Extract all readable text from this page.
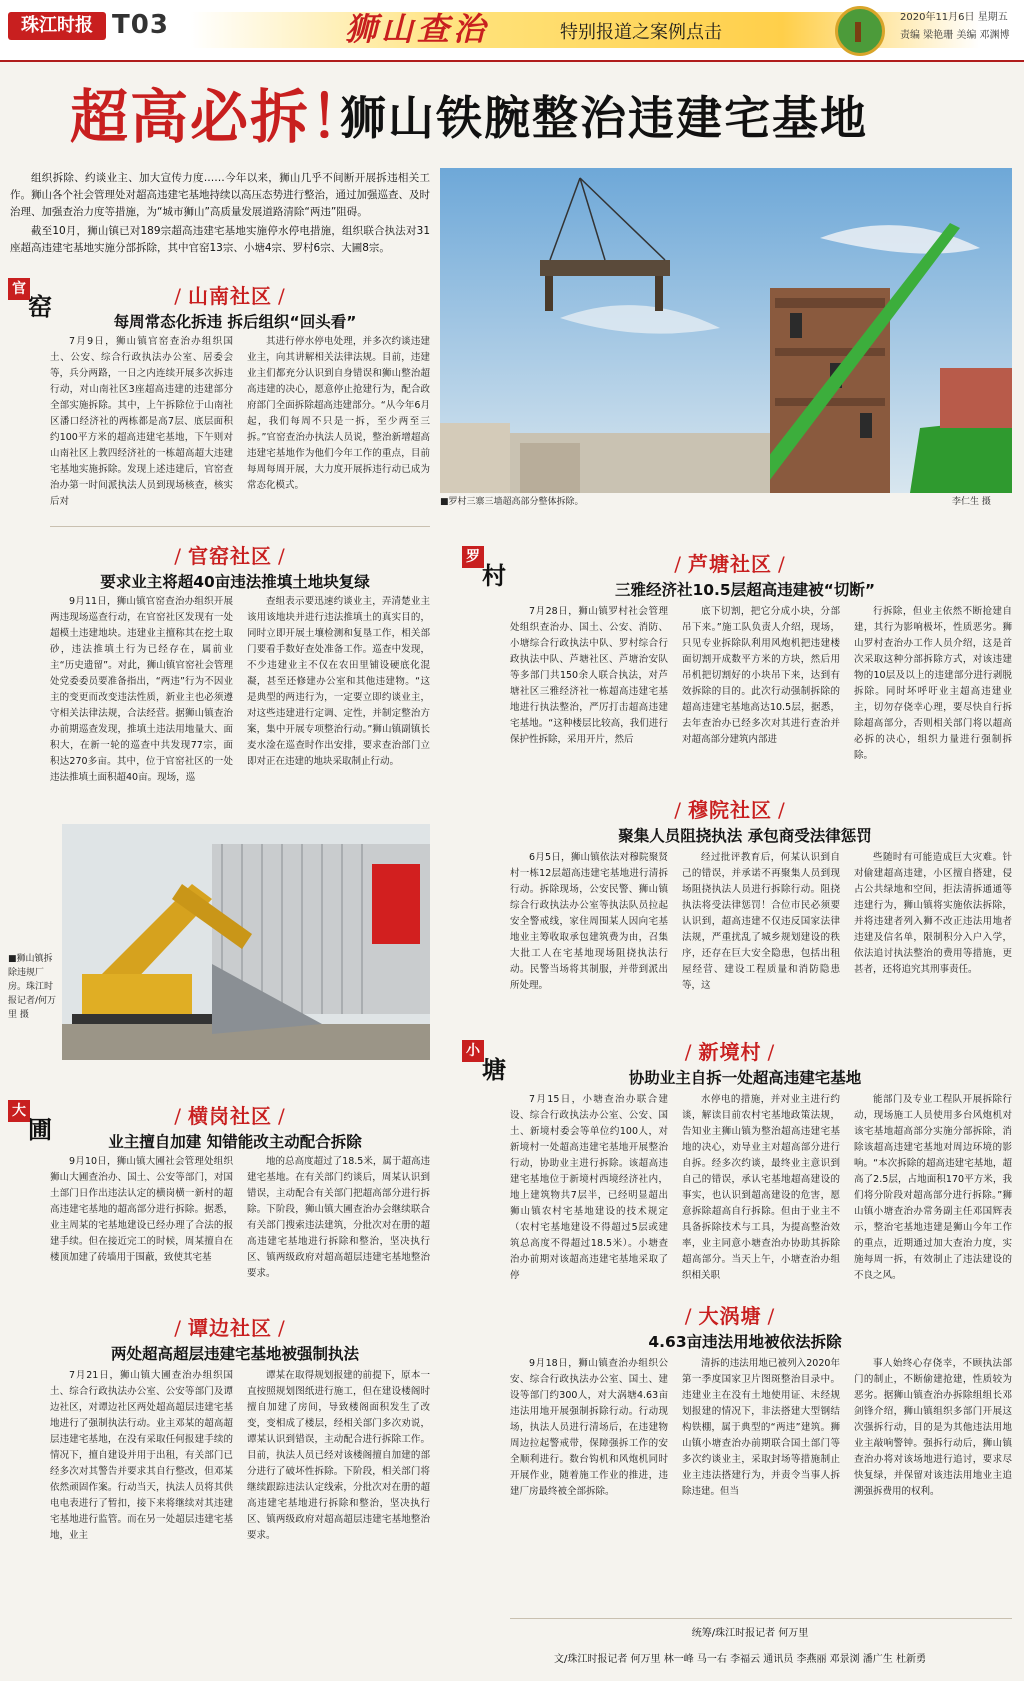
珠江时报 T03	狮山查治	特别报道之案例点击
2020年11月6日 星期五
责编 梁艳珊 美编 邓渊博
超高必拆！
狮山铁腕整治违建宅基地

组织拆除、约谈业主、加大宣传力度……今年以来，狮山几乎不间断开展拆违相关工作。狮山各个社会管理处对超高违建宅基地持续以高压态势进行整治，通过加强巡查、及时治理、加强查治力度等措施，为“城市狮山”高质量发展道路清除“两违”阻碍。

截至10月，狮山镇已对189宗超高违建宅基地实施停水停电措施，组织联合执法对31座超高违建宅基地实施分部拆除，其中官窑13宗、小塘4宗、罗村6宗、大圃8宗。

■罗村三寨三墙超高部分整体拆除。	李仁生 摄
官
窑	/ 山南社区 /
每周常态化拆违 拆后组织“回头看”

7月9日，狮山镇官窑查治办组织国土、公安、综合行政执法办公室、居委会等，兵分两路，一日之内连续开展多次拆违行动，对山南社区3座超高违建的违建部分全部实施拆除。其中，上午拆除位于山南社区潘口经济社的两栋都是高7层、底层面积约100平方米的超高违建宅基地，下午则对山南社区上教四经济社的一栋超高超大违建宅基地实施拆除。发现上述违建后，官窑查治办第一时间派执法人员到现场核查，核实后对

其进行停水停电处理，并多次约谈违建业主，向其讲解相关法律法规。目前，违建业主们都充分认识到自身错误和狮山整治超高违建的决心，愿意停止抢建行为，配合政府部门全面拆除超高违建部分。“从今年6月起，我们每周不只是一拆，至少两至三拆。”官窑查治办执法人员说，整治新增超高违建宅基地作为他们今年工作的重点，目前每周每周开展，大力度开展拆违行动已成为常态化模式。

/ 官窑社区 /
要求业主将超40亩违法推填土地块复绿

9月11日，狮山镇官窑查治办组织开展两违现场巡查行动，在官窑社区发现有一处超模土违建地块。违建业主擅称其在挖土取砂，违法推填土行为已经存在，属前业主“历史遗留”。对此，狮山镇官窑社会管理处党委委员要准备指出，“两违”行为不因业主的变更而改变违法性质，新业主也必须遵守相关法律法规，合法经营。据狮山镇查治办前期巡查发现，推填土违法用地量大、面积大，在新一轮的巡查中共发现77宗，面积达270多亩。其中，位于官窑社区的一处违法推填土面积超40亩。现场，巡

查组表示要迅速约谈业主，弄清楚业主该用该地块并进行违法推填土的真实目的，同时立即开展土壤检测和复垦工作，相关部门要看手数好查处准备工作。巡查中发现，不少违建业主不仅在农田里铺设硬底化混凝，甚至还修建办公室和其他违建物。“这是典型的两违行为，一定要立即约谈业主，对这些违建进行定调、定性，并制定整治方案，集中开展专项整治行动。”狮山镇副镇长麦水淦在巡查时作出安排，要求查治部门立即对正在违建的地块采取制止行动。

■狮山镇拆除违规厂房。珠江时报记者/何万里 摄
大
圃	/ 横岗社区 /
业主擅自加建 知错能改主动配合拆除

9月10日，狮山镇大圃社会管理处组织狮山大圃查治办、国土、公安等部门，对国土部门日作出违法认定的横岗横一新村的超高违建宅基地的超高部分进行拆除。据悉，业主周某的宅基地建设已经办理了合法的报建手续。但在接近完工的时候，周某擅自在楼顶加建了砖墙用于围蔽，致使其宅基

地的总高度超过了18.5米，属于超高违建宅基地。在有关部门约谈后，周某认识到错误，主动配合有关部门把超高部分进行拆除。下阶段，狮山镇大圃查治办会继续联合有关部门搜索违法建筑，分批次对在册的超高违建宅基地进行拆除和整治，坚决执行区、镇两级政府对超高超层违建宅基地整治要求。

/ 谭边社区 /
两处超高超层违建宅基地被强制执法

7月21日，狮山镇大圃查治办组织国土、综合行政执法办公室、公安等部门及谭边社区，对谭边社区两处超高超层违建宅基地进行了强制执法行动。业主邓某的超高超层违建宅基地，在没有采取任何报建手续的情况下，擅自建设并用于出租，有关部门已经多次对其警告并要求其自行整改，但邓某依然顽固作案。行动当天，执法人员将其供电电表进行了暂扣，接下来将继续对其违建宅基地进行监管。而在另一处超层违建宅基地，业主

谭某在取得规划报建的前提下，原本一直按照规划图纸进行施工，但在建设楼阁时擅自加建了房间，导致楼阁面积发生了改变，变相成了楼层，经相关部门多次劝说，谭某认识到错误，主动配合进行拆除工作。目前，执法人员已经对该楼阁擅自加建的部分进行了破坏性拆除。下阶段，相关部门将继续跟踪违法认定线索，分批次对在册的超高违建宅基地进行拆除和整治，坚决执行区、镇两级政府对超高超层违建宅基地整治要求。

罗
村	/ 芦塘社区 /
三雅经济社10.5层超高违建被“切断”

7月28日，狮山镇罗村社会管理处组织查治办、国土、公安、消防、小塘综合行政执法中队、罗村综合行政执法中队、芦塘社区、芦塘治安队等多部门共150余人联合执法，对芦塘社区三雅经济社一栋超高违建宅基地进行执法整治，严厉打击超高违建宅基地。“这种楼层比较高，我们进行保护性拆除，采用开片，然后

底下切割，把它分成小块，分部吊下来。”施工队负责人介绍，现场，只见专业拆除队利用风炮机把违建楼面切割开成数平方米的方块，然后用吊机把切割好的小块吊下来，达到有效拆除的目的。此次行动强制拆除的超高违建宅基地高达10.5层，据悉，去年查治办已经多次对其进行查治并对超高部分建筑内部进

行拆除，但业主依然不断抢建自建，其行为影响极坏，性质恶劣。狮山罗村查治办工作人员介绍，这是首次采取这种分部拆除方式，对该违建物的10层及以上的违建部分进行剥脱拆除。同时坏呼吁业主超高违建业主，切勿存侥幸心理，要尽快自行拆除超高部分，否则相关部门将以超高必拆的决心，组织力量进行强制拆除。

/ 穆院社区 /
聚集人员阻挠执法 承包商受法律惩罚

6月5日，狮山镇依法对穆院聚贤村一栋12层超高违建宅基地进行清拆行动。拆除现场，公安民警、狮山镇综合行政执法办公室等执法队员拉起安全警戒线，家住周围某人因向宅基地业主筹收取承包建筑费为由，召集大批工人在宅基地现场阻挠执法行动。民警当场将其制服，并带到派出所处理。

经过批评教育后，何某认识到自己的错误，并承诺不再聚集人员到现场阻挠执法人员进行拆除行动。阻挠执法将受法律惩罚！合位市民必须要认识到，超高违建不仅违反国家法律法规，严重扰乱了城乡规划建设的秩序，还存在巨大安全隐患，包括出租屋经营、建设工程质量和消防隐患等，这

些随时有可能造成巨大灾难。针对偷建超高违建，小区擅自搭建，侵占公共绿地和空间，拒法清拆通通等违建行为，狮山镇将实施依法拆除，并将违建者列入狮不改正违法用地者违建及信名单，限制积分入户入学，依法追讨执法整治的费用等措施，更甚者，还将追究其刑事责任。

小
塘
/ 新境村 /
协助业主自拆一处超高违建宅基地

7月15日，小塘查治办联合建设、综合行政执法办公室、公安、国土、新境村委会等单位约100人，对新境村一处超高违建宅基地开展整治行动，协助业主进行拆除。该超高违建宅基地位于新境村西境经济社内，地上建筑物共7层半，已经明显超出狮山镇农村宅基地建设的技术规定（农村宅基地建设不得超过5层或建筑总高度不得超过18.5米）。小塘查治办前期对该超高违建宅基地采取了停

水停电的措施，并对业主进行约谈，解读目前农村宅基地政策法规，告知业主狮山镇为整治超高违建宅基地的决心，劝导业主对超高部分进行自拆。经多次约谈，最终业主意识到自己的错误，承认宅基地超高建设的事实，也认识到超高建设的危害，愿意拆除超高自行拆除。但由于业主不具备拆除技术与工具，为提高整治效率，业主同意小塘查治办协助其拆除超高部分。当天上午，小塘查治办组织相关职

能部门及专业工程队开展拆除行动，现场施工人员使用多台风炮机对该宅基地超高部分实施分部拆除，消除该超高违建宅基地对周边环境的影响。“本次拆除的超高违建宅基地，超高了2.5层，占地面积170平方米，我们将分阶段对超高部分进行拆除。”狮山镇小塘查治办常务副主任邓国辉表示，整治宅基地违建是狮山今年工作的重点，近期通过加大查治力度，实施每周一拆，有效制止了违法建设的不良之风。

/ 大涡塘 /
4.63亩违法用地被依法拆除

9月18日，狮山镇查治办组织公安、综合行政执法办公室、国土、建设等部门约300人，对大涡塘4.63亩违法用地开展强制拆除行动。行动现场，执法人员进行清场后，在违建物周边拉起警戒带，保障强拆工作的安全顺利进行。数台钩机和风炮机同时开展作业，随着施工作业的推进，违建厂房最终被全部拆除。

清拆的违法用地已被列入2020年第一季度国家卫片图斑整治目录中。违建业主在没有土地使用证、未经规划报建的情况下，非法搭建大型钢结构铁棚，属于典型的“两违”建筑。狮山镇小塘查治办前期联合国土部门等多次约谈业主，采取封场等措施制止业主违法搭建行为，并责令当事人拆除违建。但当

事人始终心存侥幸，不顾执法部门的制止，不断偷建抢建，性质较为恶劣。据狮山镇查治办拆除组组长邓剑锋介绍，狮山镇组织多部门开展这次强拆行动，目的是为其他违法用地业主敲响警钟。强拆行动后，狮山镇查治办将对该场地进行追讨，要求尽快复绿，并保留对该违法用地业主追溯强拆费用的权利。

统筹/珠江时报记者 何万里
文/珠江时报记者 何万里 林一峰 马一右 李福云 通讯员 李燕丽 邓景浏 潘广生 杜新勇
